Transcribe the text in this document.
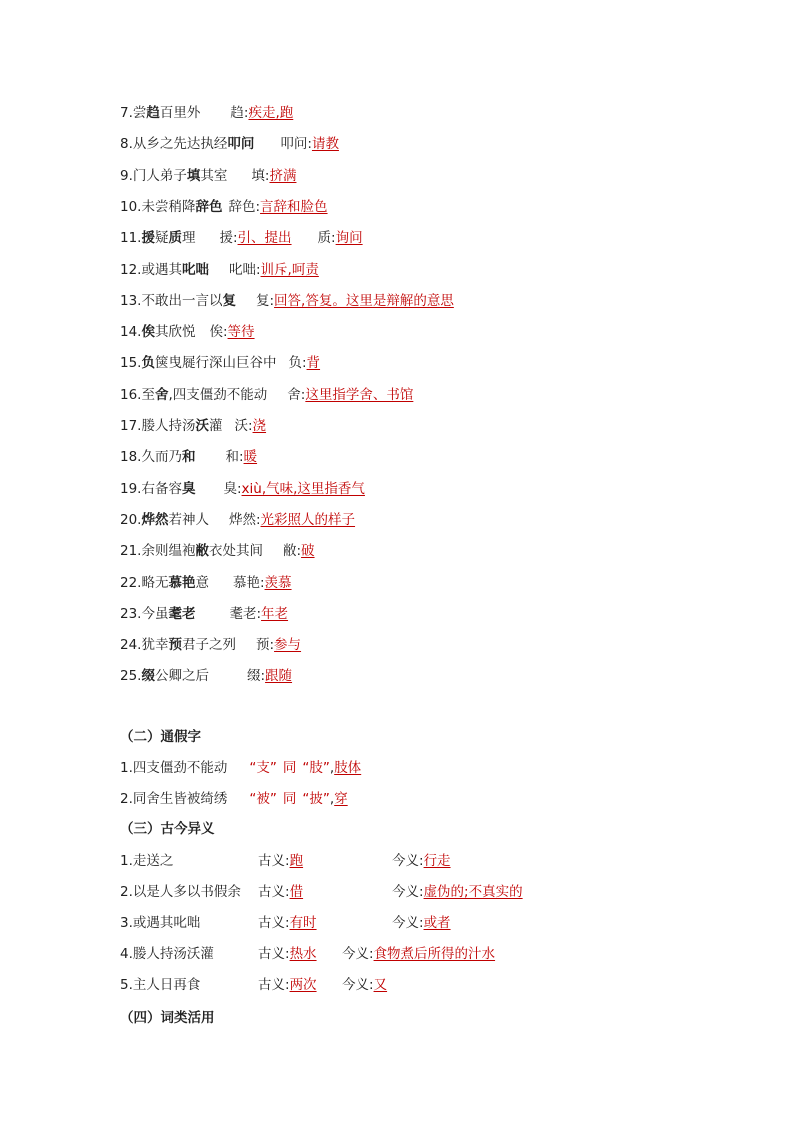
7.尝趋百里外 趋:疾走,跑
8.从乡之先达执经叩问 叩问:请教
9.门人弟子填其室 填:挤满
10.未尝稍降辞色 辞色:言辞和脸色
11.援疑质理 援:引、提出 质:询问
12.或遇其叱咄 叱咄:训斥,呵责
13.不敢出一言以复 复:回答,答复。这里是辩解的意思
14.俟其欣悦 俟:等待
15.负箧曳屣行深山巨谷中 负:背
16.至舍,四支僵劲不能动 舍:这里指学舍、书馆
17.媵人持汤沃灌 沃:浇
18.久而乃和 和:暖
19.右备容臭 臭:xiù,气味,这里指香气
20.烨然若神人 烨然:光彩照人的样子
21.余则缊袍敝衣处其间 敝:破
22.略无慕艳意 慕艳:羡慕
23.今虽耄老	耄老:年老
24.犹幸预君子之列 预:参与
25.缀公卿之后	缀:跟随
（二）通假字
1.四支僵劲不能动 “支” 同 “肢”,肢体
2.同舍生皆被绮绣 “被” 同 “披”,穿
（三）古今异义
1.走送之	古义:跑	今义:行走
2.以是人多以书假余 古义:借	今义:虚伪的;不真实的
3.或遇其叱咄	古义:有时	今义:或者
4.媵人持汤沃灌	古义:热水 今义:食物煮后所得的汁水
5.主人日再食	古义:两次 今义:又
（四）词类活用
